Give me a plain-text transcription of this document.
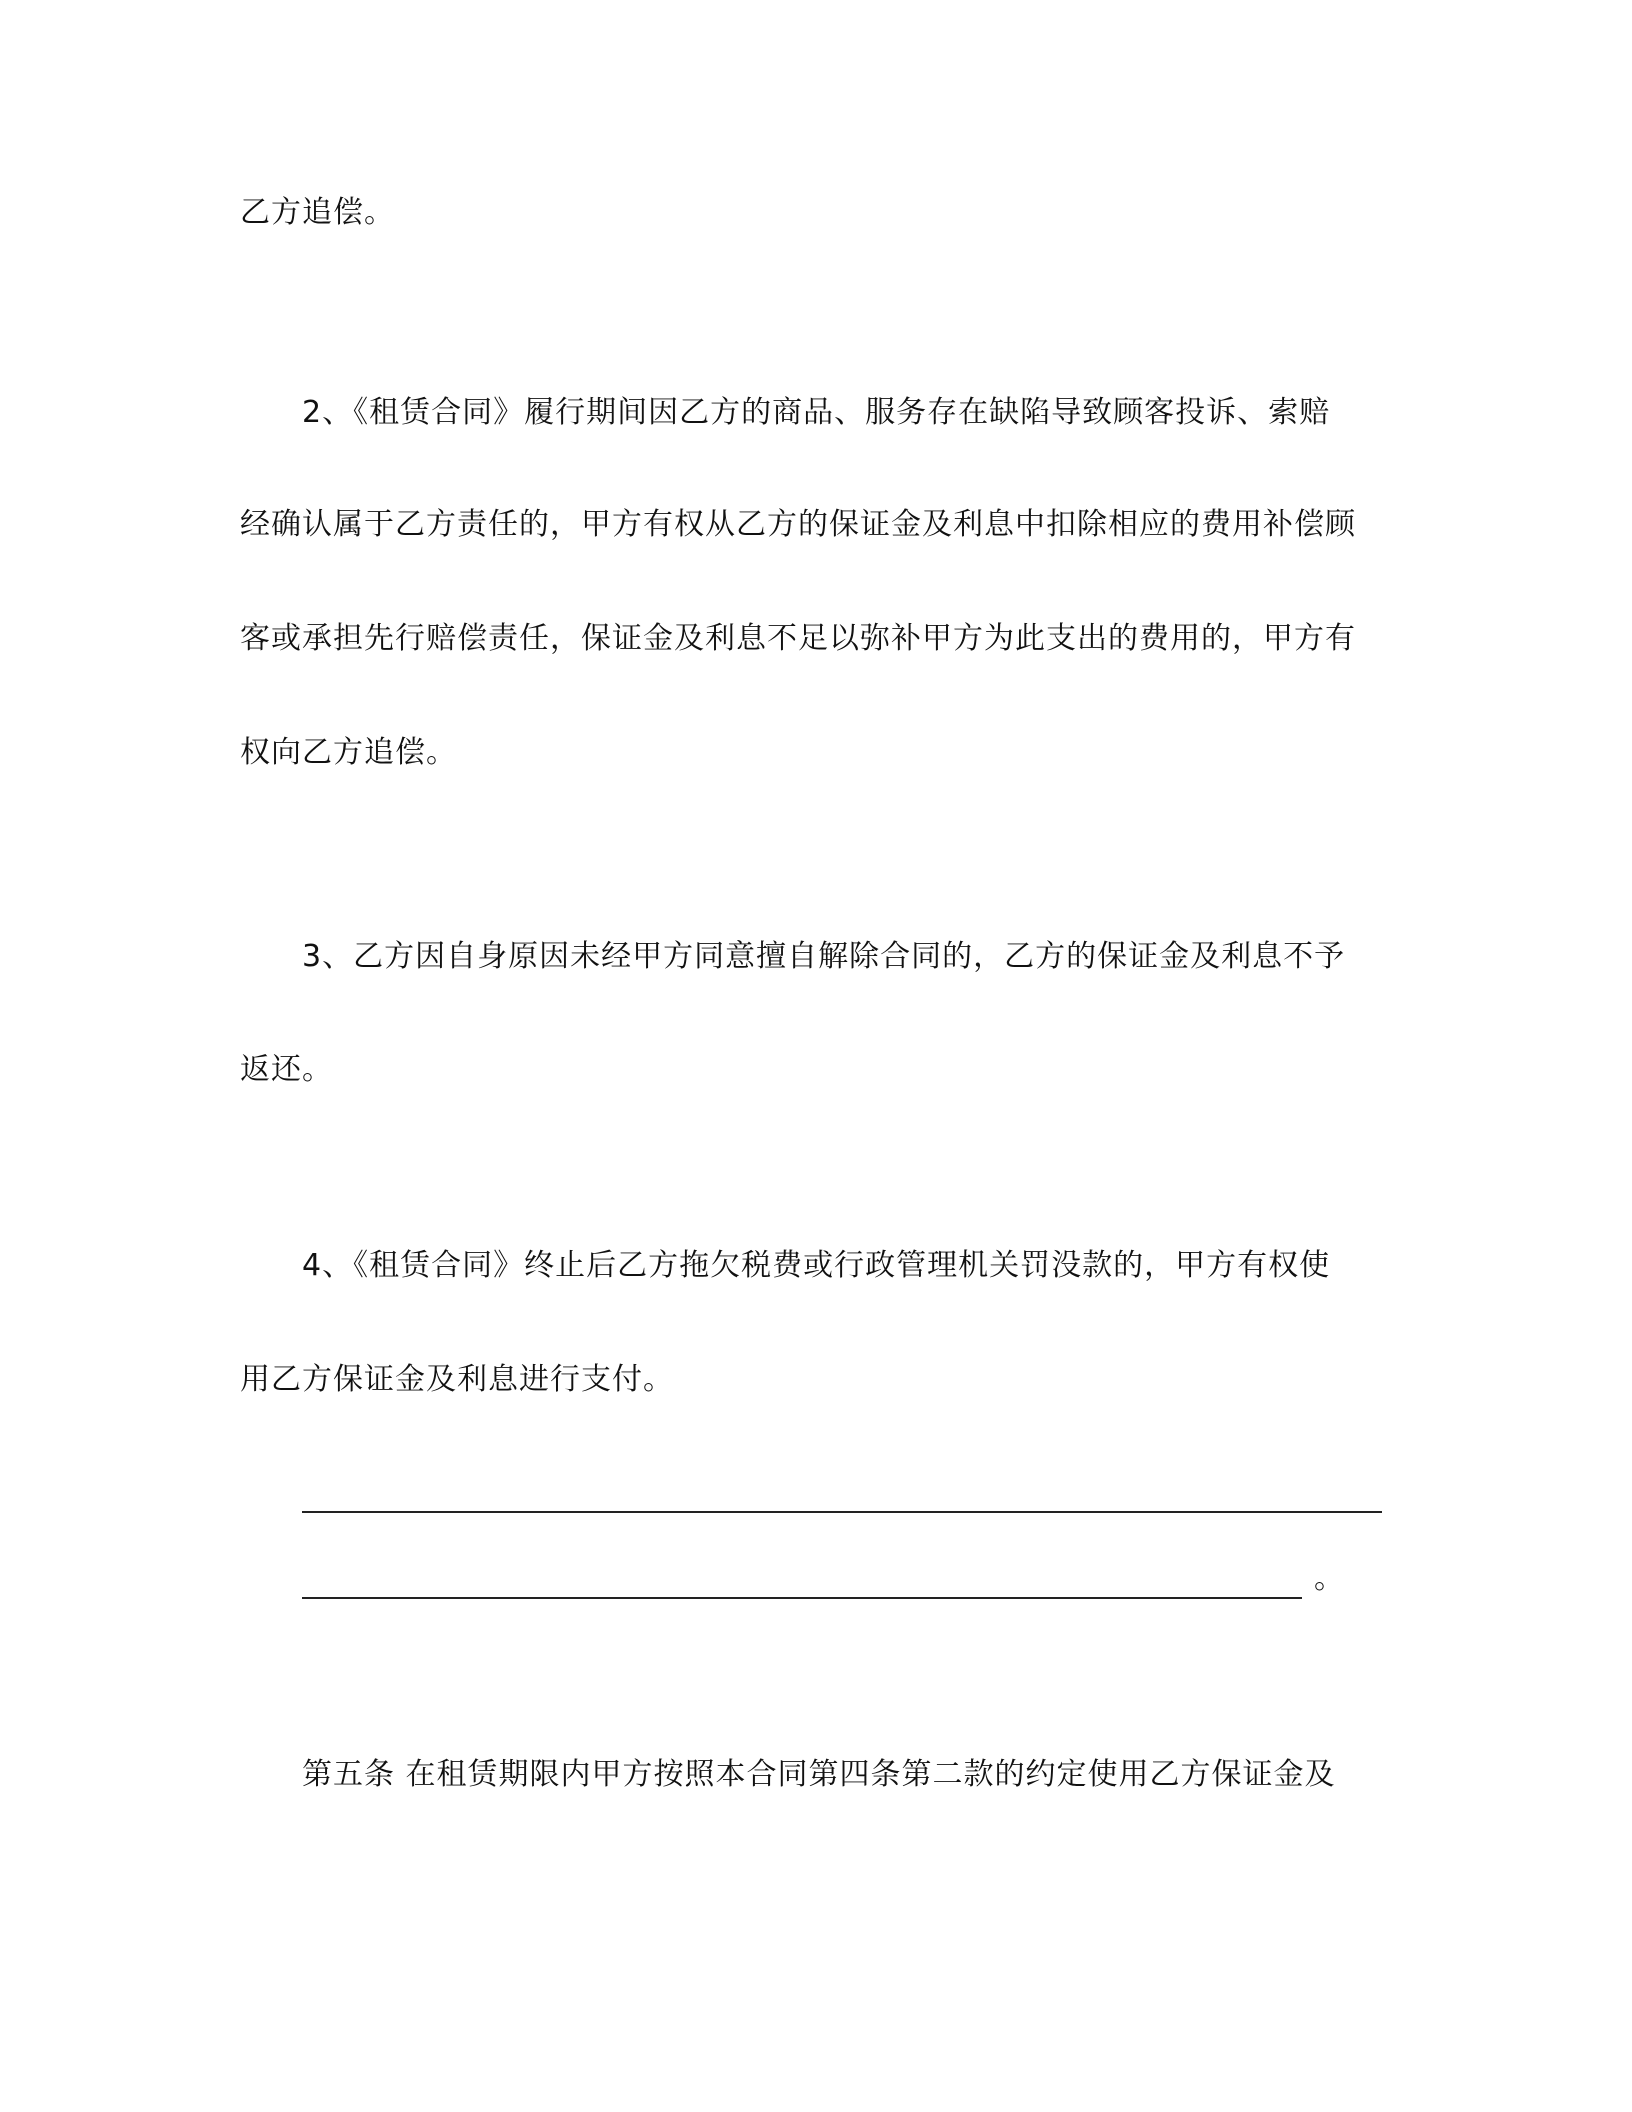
乙方追偿。
2、《租赁合同》履行期间因乙方的商品、服务存在缺陷导致顾客投诉、索赔
经确认属于乙方责任的，甲方有权从乙方的保证金及利息中扣除相应的费用补偿顾
客或承担先行赔偿责任，保证金及利息不足以弥补甲方为此支出的费用的，甲方有
权向乙方追偿。
3、乙方因自身原因未经甲方同意擅自解除合同的，乙方的保证金及利息不予
返还。
4、《租赁合同》终止后乙方拖欠税费或行政管理机关罚没款的，甲方有权使
用乙方保证金及利息进行支付。
。
第五条 在租赁期限内甲方按照本合同第四条第二款的约定使用乙方保证金及
